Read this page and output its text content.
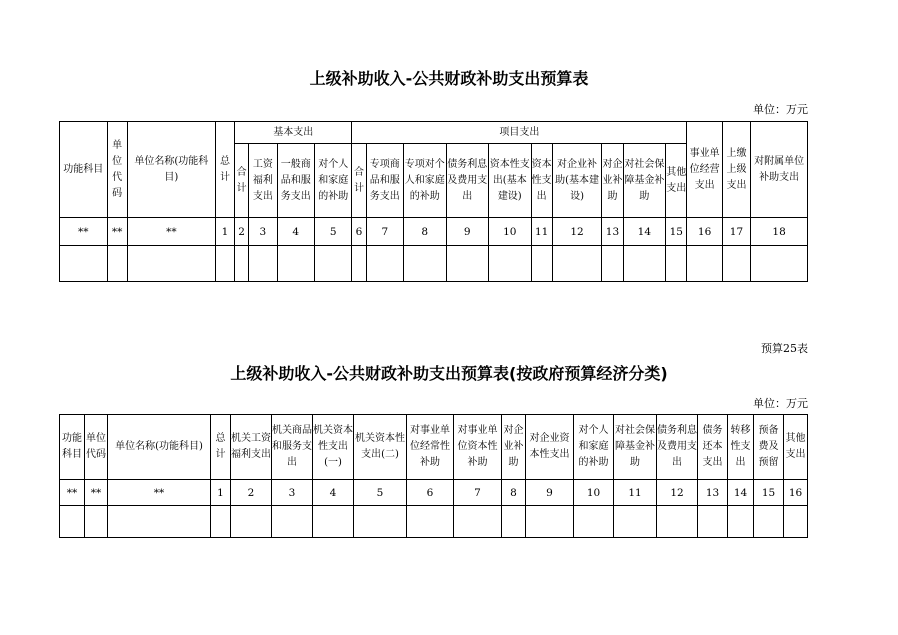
上级补助收入-公共财政补助支出预算表
单位：万元
功能科目	单位代码	单位名称(功能科目)	总计	基本支出				项目支出										事业单位经营支出	上缴上级支出	对附属单位补助支出
				合计	工资福利支出	一般商品和服务支出	对个人和家庭的补助	合计	专项商品和服务支出	专项对个人和家庭的补助	债务利息及费用支出	资本性支出(基本建设)	资本性支出	对企业补助(基本建设)	对企业补助	对社会保障基金补助	其他支出			
**	**	**	1	2	3	4	5	6	7	8	9	10	11	12	13	14	15	16	17	18

预算25表
上级补助收入-公共财政补助支出预算表(按政府预算经济分类)
单位：万元
功能科目	单位代码	单位名称(功能科目)	总计	机关工资福利支出	机关商品和服务支出	机关资本性支出(一)	机关资本性支出(二)	对事业单位经常性补助	对事业单位资本性补助	对企业补助	对企业资本性支出	对个人和家庭的补助	对社会保障基金补助	债务利息及费用支出	债务还本支出	转移性支出	预备费及预留	其他支出
**	**	**	1	2	3	4	5	6	7	8	9	10	11	12	13	14	15	16
